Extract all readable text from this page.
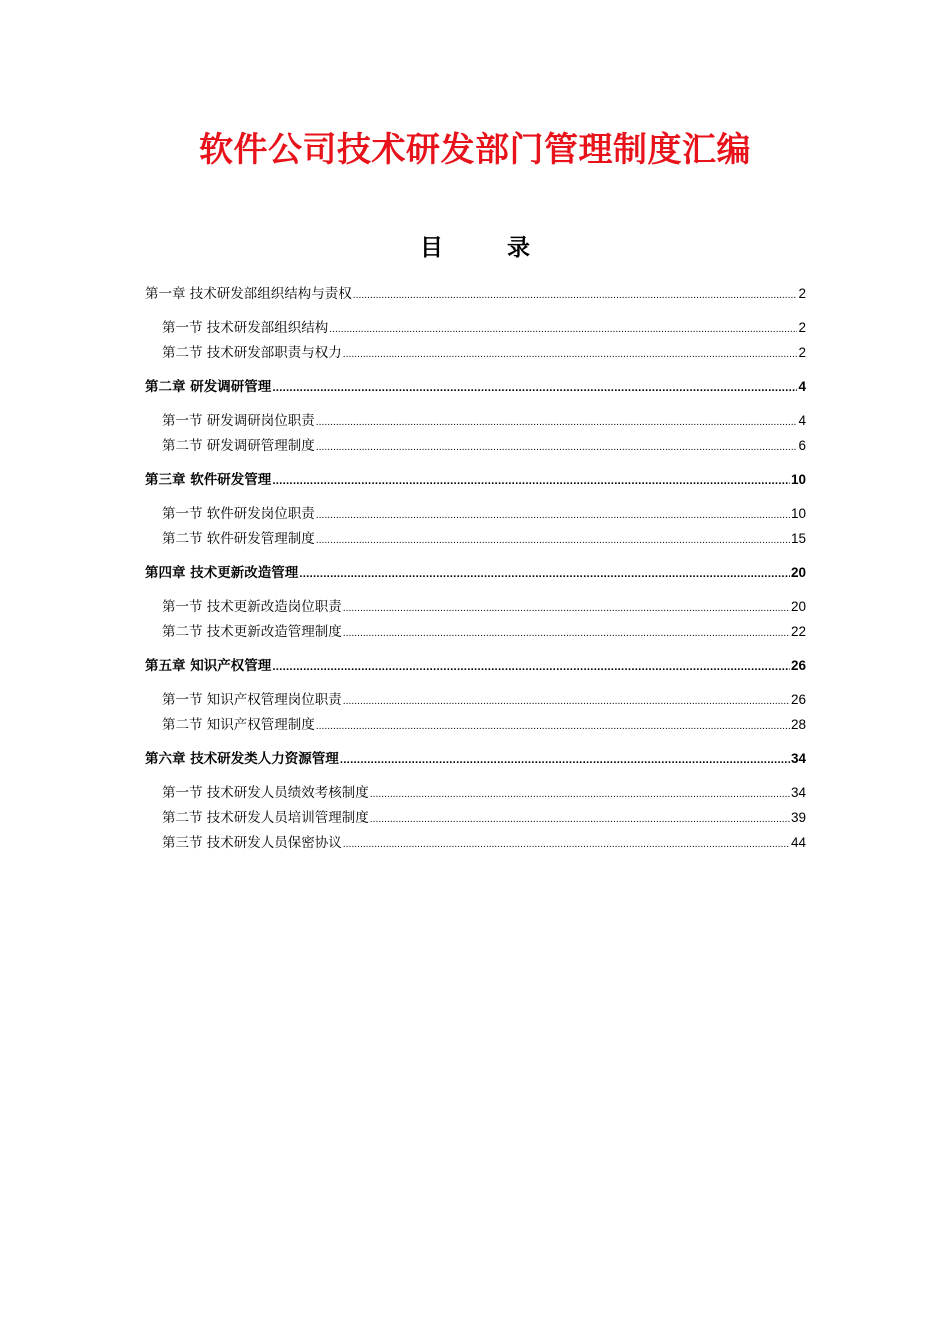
软件公司技术研发部门管理制度汇编
目 录
第一章 技术研发部组织结构与责权 .....	2
第一节 技术研发部组织结构 .....	2
第二节 技术研发部职责与权力 .....	2
第二章 研发调研管理 .....	4
第一节 研发调研岗位职责 .....	4
第二节 研发调研管理制度 .....	6
第三章 软件研发管理 .....	10
第一节 软件研发岗位职责 .....	10
第二节 软件研发管理制度 .....	15
第四章 技术更新改造管理 .....	20
第一节 技术更新改造岗位职责 .....	20
第二节 技术更新改造管理制度 .....	22
第五章 知识产权管理 .....	26
第一节 知识产权管理岗位职责 .....	26
第二节 知识产权管理制度 .....	28
第六章 技术研发类人力资源管理 .....	34
第一节 技术研发人员绩效考核制度 .....	34
第二节 技术研发人员培训管理制度 .....	39
第三节 技术研发人员保密协议 .....	44
